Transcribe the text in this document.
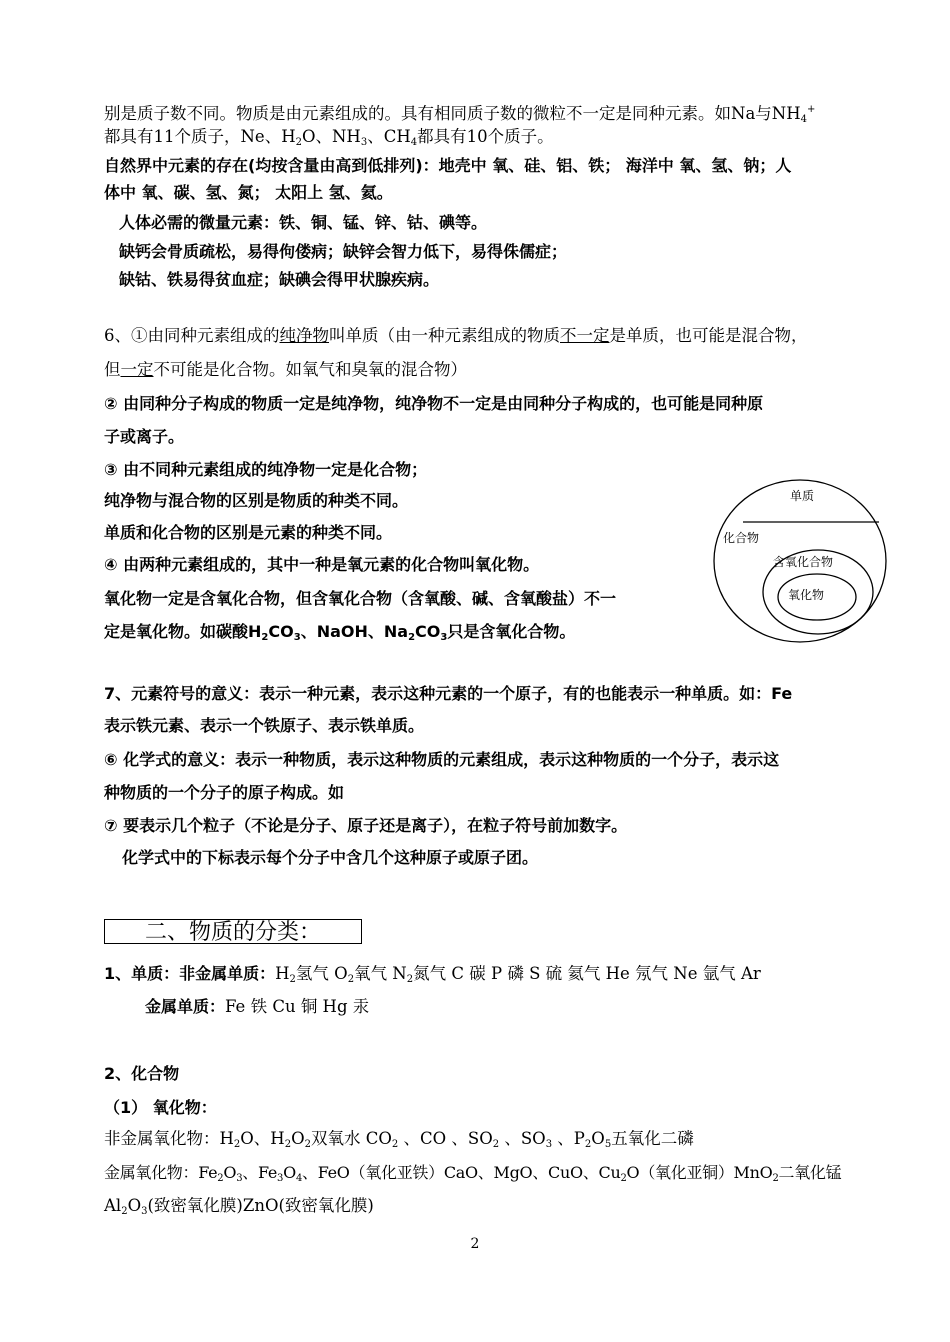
别是质子数不同。物质是由元素组成的。具有相同质子数的微粒不一定是同种元素。如Na与$NH_4^+$
都具有11个质子，Ne、$H_2O$、$NH_3$、$CH_4$都具有10个质子。
自然界中元素的存在(均按含量由高到低排列)：地壳中 氧、硅、铝、铁； 海洋中 氧、氢、钠；人
体中 氧、碳、氢、氮； 太阳上 氢、氦。
人体必需的微量元素：铁、铜、锰、锌、钴、碘等。
缺钙会骨质疏松，易得佝偻病；缺锌会智力低下，易得侏儒症；
缺钴、铁易得贫血症；缺碘会得甲状腺疾病。
6、①由同种元素组成的纯净物叫单质（由一种元素组成的物质不一定是单质，也可能是混合物，
但一定不可能是化合物。如氧气和臭氧的混合物）
② 由同种分子构成的物质一定是纯净物，纯净物不一定是由同种分子构成的，也可能是同种原
子或离子。
③ 由不同种元素组成的纯净物一定是化合物；
纯净物与混合物的区别是物质的种类不同。
单质和化合物的区别是元素的种类不同。
④ 由两种元素组成的，其中一种是氧元素的化合物叫氧化物。
氧化物一定是含氧化合物，但含氧化合物（含氧酸、碱、含氧酸盐）不一
定是氧化物。如碳酸$H_2CO_3$、NaOH、$Na_2CO_3$只是含氧化合物。
单质
化合物
含氧化合物
氧化物
7、元素符号的意义：表示一种元素，表示这种元素的一个原子，有的也能表示一种单质。如：Fe
表示铁元素、表示一个铁原子、表示铁单质。
⑥ 化学式的意义：表示一种物质，表示这种物质的元素组成，表示这种物质的一个分子，表示这
种物质的一个分子的原子构成。如
⑦ 要表示几个粒子（不论是分子、原子还是离子），在粒子符号前加数字。
化学式中的下标表示每个分子中含几个这种原子或原子团。
二、物质的分类：
1、单质：非金属单质：$H_2$氢气 $O_2$氧气 $N_2$氮气 C 碳 P 磷 S 硫 氦气 He 氖气 Ne 氩气 Ar
金属单质：Fe 铁 Cu 铜 Hg 汞
2、化合物
（1） 氧化物：
非金属氧化物：$H_2O$、$H_2O_2$双氧水 $CO_2$ 、CO 、$SO_2$ 、$SO_3$ 、$P_2O_5$五氧化二磷
金属氧化物：$Fe_2O_3$、$Fe_3O_4$、FeO（氧化亚铁）CaO、MgO、CuO、$Cu_2O$（氧化亚铜）MnO$_2$二氧化锰
$Al_2O_3$(致密氧化膜)ZnO(致密氧化膜)
2
